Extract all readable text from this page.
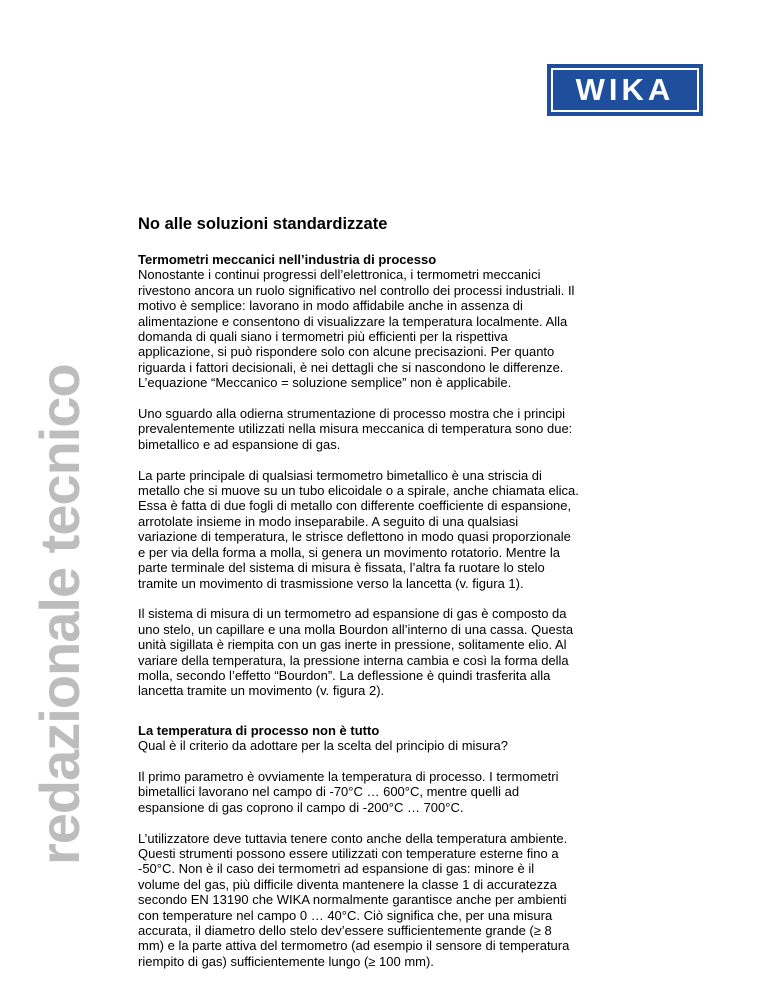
WIKA
redazionale tecnico
No alle soluzioni standardizzate
Termometri meccanici nell’industria di processo

Nonostante i continui progressi dell’elettronica, i termometri meccanici
rivestono ancora un ruolo significativo nel controllo dei processi industriali. Il
motivo è semplice: lavorano in modo affidabile anche in assenza di
alimentazione e consentono di visualizzare la temperatura localmente. Alla
domanda di quali siano i termometri più efficienti per la rispettiva
applicazione, si può rispondere solo con alcune precisazioni. Per quanto
riguarda i fattori decisionali, è nei dettagli che si nascondono le differenze.
L’equazione “Meccanico = soluzione semplice” non è applicabile.

Uno sguardo alla odierna strumentazione di processo mostra che i principi
prevalentemente utilizzati nella misura meccanica di temperatura sono due:
bimetallico e ad espansione di gas.

La parte principale di qualsiasi termometro bimetallico è una striscia di
metallo che si muove su un tubo elicoidale o a spirale, anche chiamata elica.
Essa è fatta di due fogli di metallo con differente coefficiente di espansione,
arrotolate insieme in modo inseparabile. A seguito di una qualsiasi
variazione di temperatura, le strisce deflettono in modo quasi proporzionale
e per via della forma a molla, si genera un movimento rotatorio. Mentre la
parte terminale del sistema di misura è fissata, l’altra fa ruotare lo stelo
tramite un movimento di trasmissione verso la lancetta (v. figura 1).

Il sistema di misura di un termometro ad espansione di gas è composto da
uno stelo, un capillare e una molla Bourdon all’interno di una cassa. Questa
unità sigillata è riempita con un gas inerte in pressione, solitamente elio. Al
variare della temperatura, la pressione interna cambia e così la forma della
molla, secondo l’effetto “Bourdon”. La deflessione è quindi trasferita alla
lancetta tramite un movimento (v. figura 2).

La temperatura di processo non è tutto

Qual è il criterio da adottare per la scelta del principio di misura?

Il primo parametro è ovviamente la temperatura di processo. I termometri
bimetallici lavorano nel campo di -70°C … 600°C, mentre quelli ad
espansione di gas coprono il campo di -200°C … 700°C.

L’utilizzatore deve tuttavia tenere conto anche della temperatura ambiente.
Questi strumenti possono essere utilizzati con temperature esterne fino a
-50°C. Non è il caso dei termometri ad espansione di gas: minore è il
volume del gas, più difficile diventa mantenere la classe 1 di accuratezza
secondo EN 13190 che WIKA normalmente garantisce anche per ambienti
con temperature nel campo 0 … 40°C. Ciò significa che, per una misura
accurata, il diametro dello stelo dev’essere sufficientemente grande (≥ 8
mm) e la parte attiva del termometro (ad esempio il sensore di temperatura
riempito di gas) sufficientemente lungo (≥ 100 mm).
